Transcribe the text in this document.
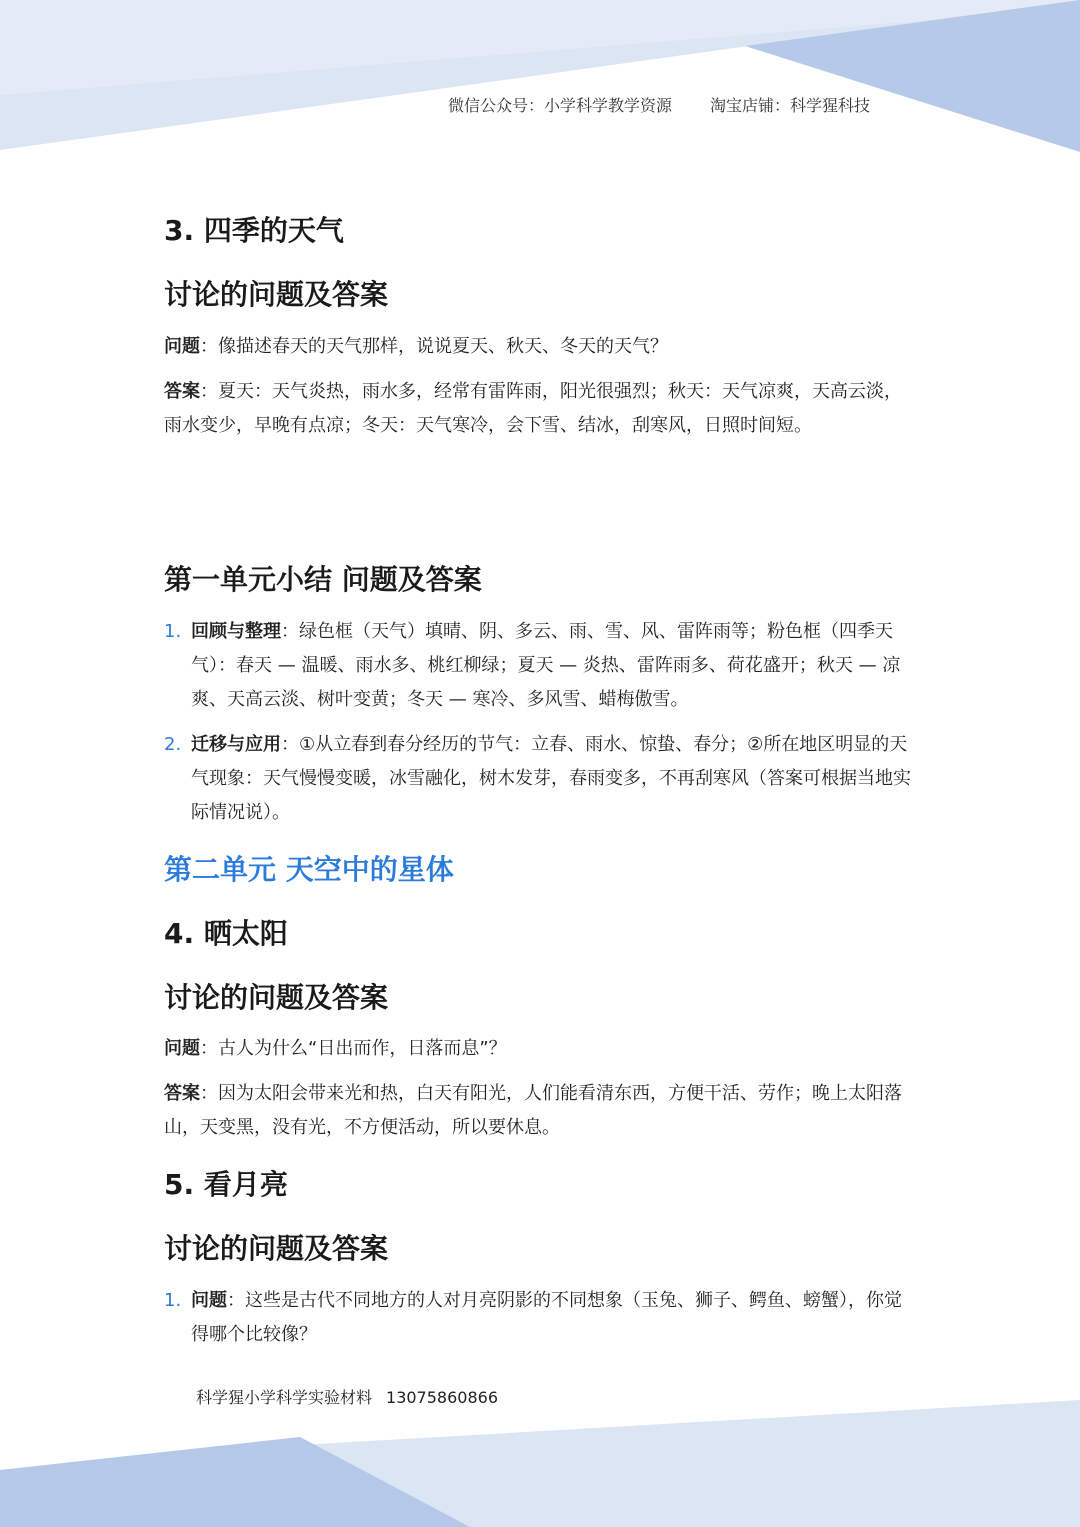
微信公众号：小学科学教学资源 淘宝店铺：科学猩科技
3. 四季的天气
讨论的问题及答案

问题：像描述春天的天气那样，说说夏天、秋天、冬天的天气？

答案：夏天：天气炎热，雨水多，经常有雷阵雨，阳光很强烈；秋天：天气凉爽，天高云淡，雨水变少，早晚有点凉；冬天：天气寒冷，会下雪、结冰，刮寒风，日照时间短。

第一单元小结 问题及答案
1. 回顾与整理：绿色框（天气）填晴、阴、多云、雨、雪、风、雷阵雨等；粉色框（四季天气）：春天 — 温暖、雨水多、桃红柳绿；夏天 — 炎热、雷阵雨多、荷花盛开；秋天 — 凉爽、天高云淡、树叶变黄；冬天 — 寒冷、多风雪、蜡梅傲雪。
2. 迁移与应用：①从立春到春分经历的节气：立春、雨水、惊蛰、春分；②所在地区明显的天气现象：天气慢慢变暖，冰雪融化，树木发芽，春雨变多，不再刮寒风（答案可根据当地实际情况说）。
第二单元 天空中的星体
4. 晒太阳
讨论的问题及答案

问题：古人为什么“日出而作，日落而息”？

答案：因为太阳会带来光和热，白天有阳光，人们能看清东西，方便干活、劳作；晚上太阳落山，天变黑，没有光，不方便活动，所以要休息。

5. 看月亮
讨论的问题及答案
1. 问题：这些是古代不同地方的人对月亮阴影的不同想象（玉兔、狮子、鳄鱼、螃蟹），你觉得哪个比较像？
科学猩小学科学实验材料 13075860866
